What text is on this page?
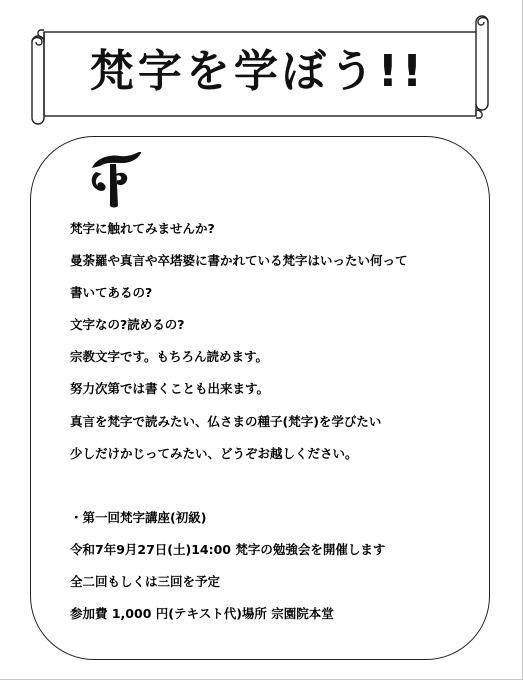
梵字を学ぼう!!
梵字に触れてみませんか?
曼荼羅や真言や卒塔婆に書かれている梵字はいったい何って
書いてあるの?
文字なの?読めるの?
宗教文字です。もちろん読めます。
努力次第では書くことも出来ます。
真言を梵字で読みたい、仏さまの種子(梵字)を学びたい
少しだけかじってみたい、どうぞお越しください。
・第一回梵字講座(初級)
令和7年9月27日(土)14:00 梵字の勉強会を開催します
全二回もしくは三回を予定
参加費 1,000 円(テキスト代)場所 宗園院本堂
